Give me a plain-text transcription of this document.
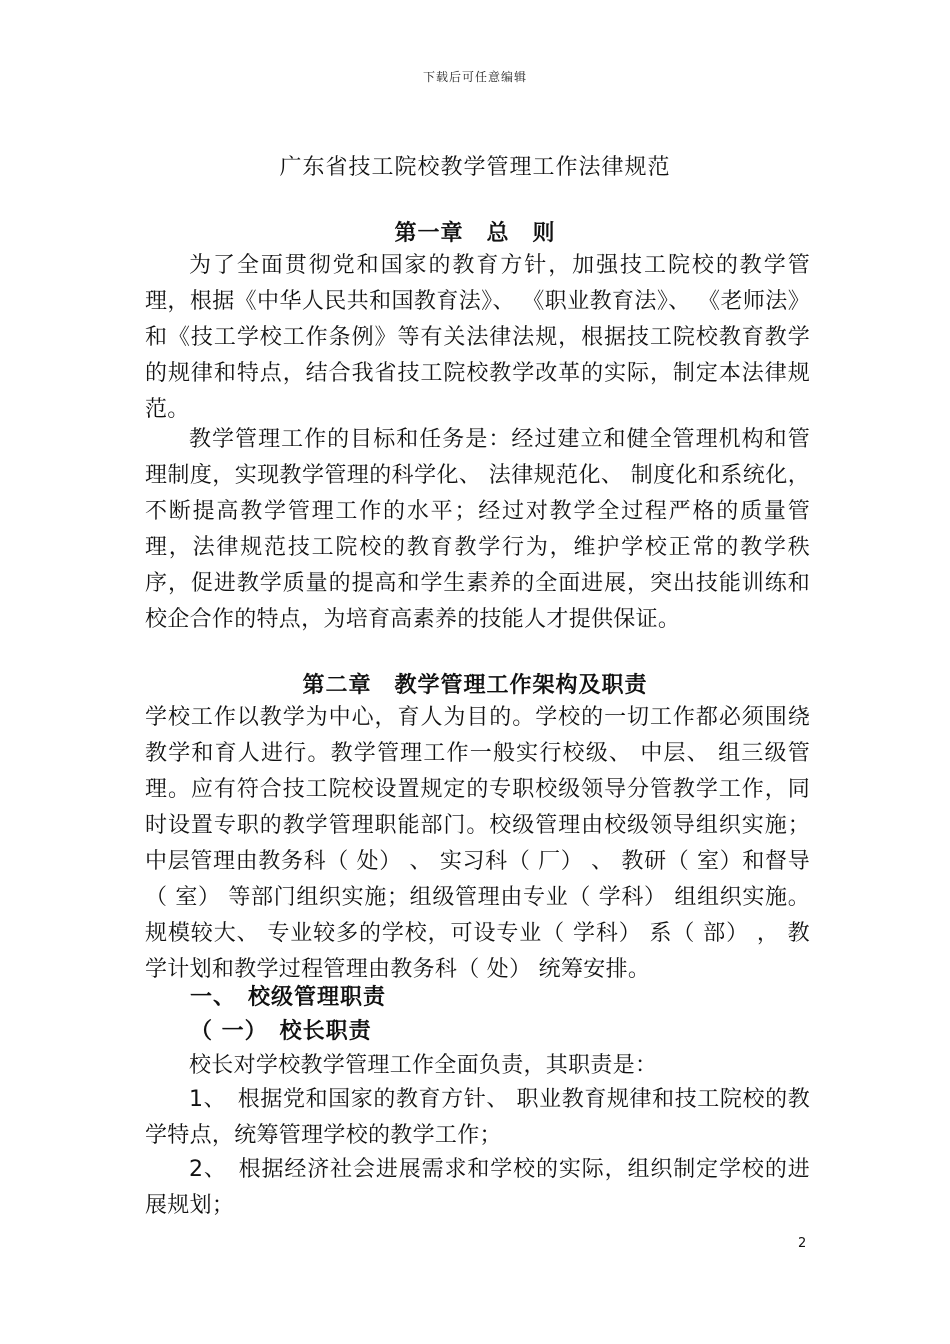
下载后可任意编辑
广东省技工院校教学管理工作法律规范
第一章　总　则

为了全面贯彻党和国家的教育方针，加强技工院校的教学管理，根据《中华人民共和国教育法》、 《职业教育法》、 《老师法》和《技工学校工作条例》等有关法律法规，根据技工院校教育教学的规律和特点，结合我省技工院校教学改革的实际，制定本法律规范。

教学管理工作的目标和任务是：经过建立和健全管理机构和管理制度，实现教学管理的科学化、 法律规范化、 制度化和系统化，不断提高教学管理工作的水平；经过对教学全过程严格的质量管理，法律规范技工院校的教育教学行为，维护学校正常的教学秩序，促进教学质量的提高和学生素养的全面进展，突出技能训练和校企合作的特点，为培育高素养的技能人才提供保证。

第二章　教学管理工作架构及职责

学校工作以教学为中心，育人为目的。学校的一切工作都必须围绕教学和育人进行。教学管理工作一般实行校级、 中层、 组三级管理。应有符合技工院校设置规定的专职校级领导分管教学工作，同时设置专职的教学管理职能部门。校级管理由校级领导组织实施；中层管理由教务科（ 处） 、 实习科（ 厂） 、 教研（ 室）和督导（ 室） 等部门组织实施；组级管理由专业（ 学科） 组组织实施。规模较大、 专业较多的学校，可设专业（ 学科） 系（ 部） ， 教学计划和教学过程管理由教务科（ 处） 统筹安排。

一、　校级管理职责
（ 一）　校长职责

校长对学校教学管理工作全面负责，其职责是：

1、　根据党和国家的教育方针、 职业教育规律和技工院校的教学特点，统筹管理学校的教学工作；

2、　根据经济社会进展需求和学校的实际，组织制定学校的进展规划；

2
